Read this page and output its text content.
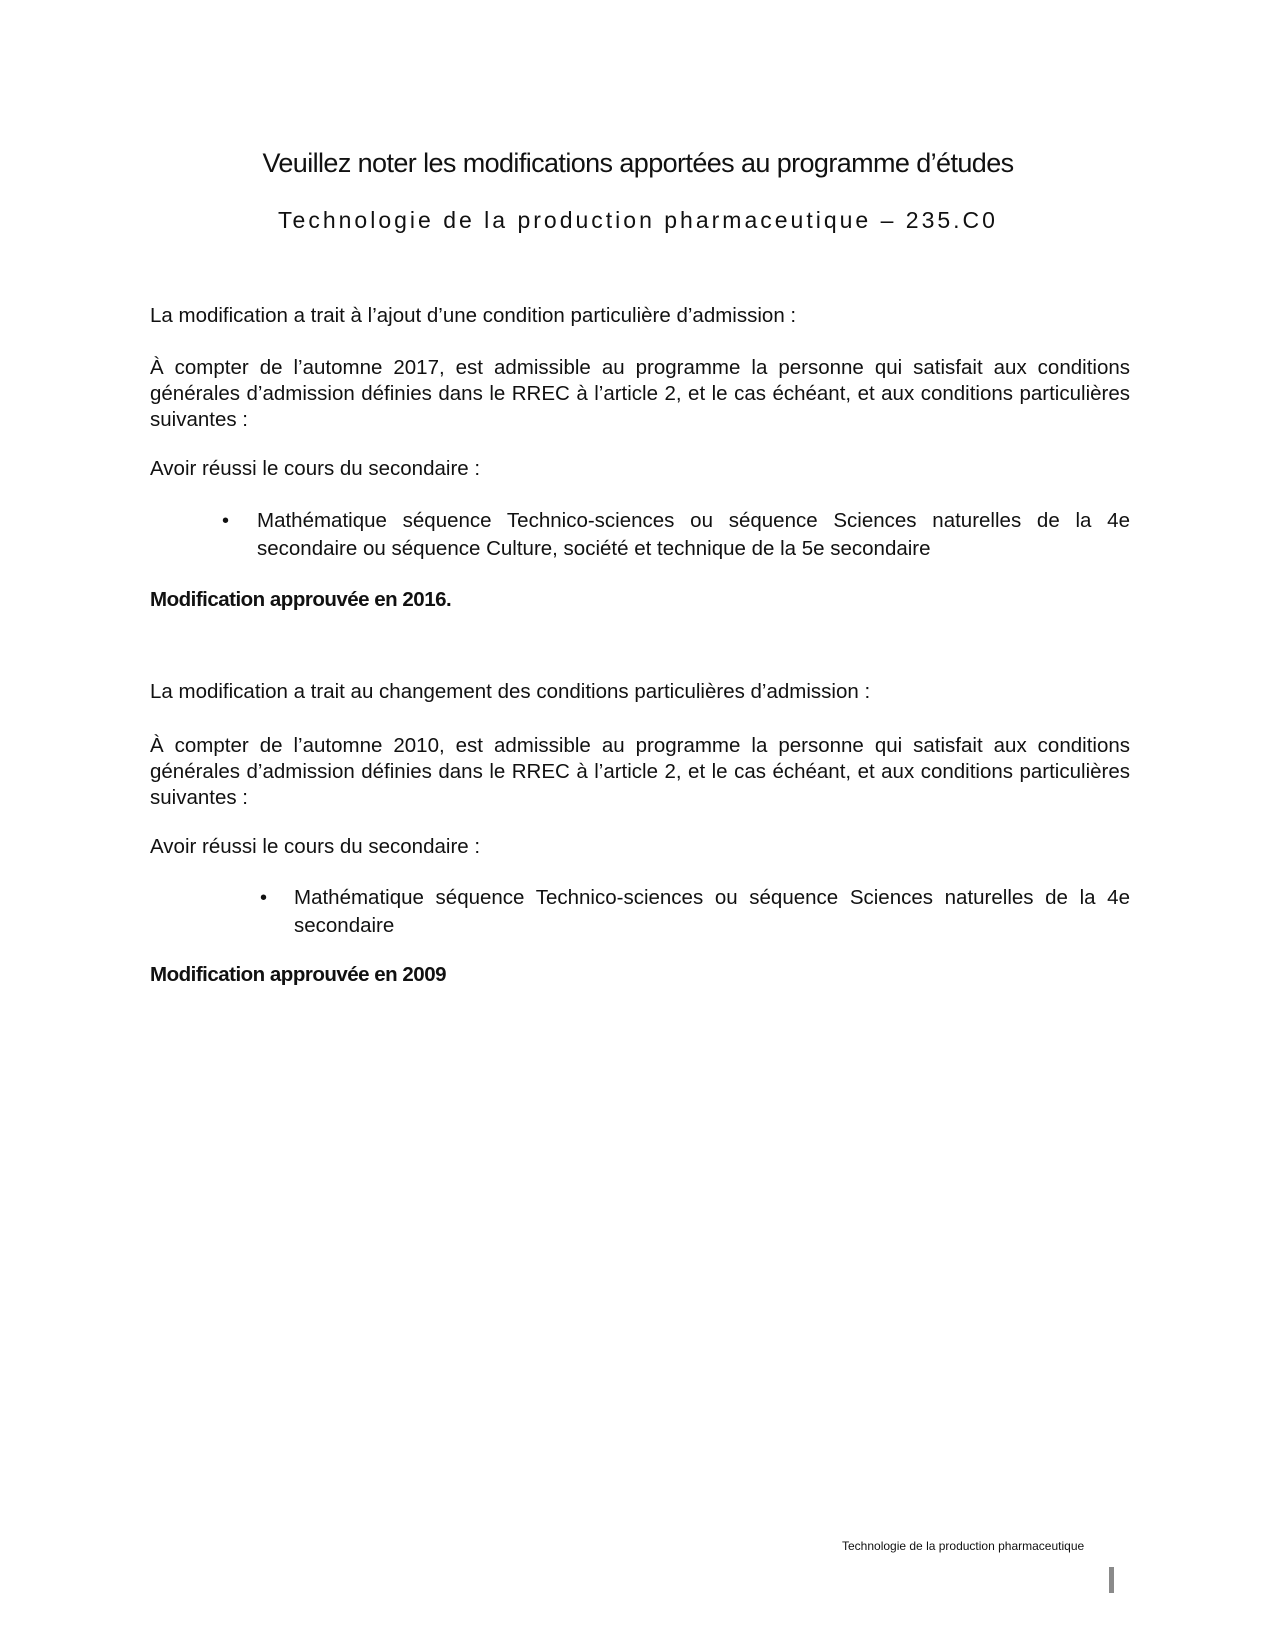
Veuillez noter les modifications apportées au programme d’études
Technologie de la production pharmaceutique – 235.C0
La modification a trait à l’ajout d’une condition particulière d’admission :
À compter de l’automne 2017, est admissible au programme la personne qui satisfait aux conditions générales d’admission définies dans le RREC à l’article 2, et le cas échéant, et aux conditions particulières suivantes :
Avoir réussi le cours du secondaire :
• Mathématique séquence Technico-sciences ou séquence Sciences naturelles de la 4e secondaire ou séquence Culture, société et technique de la 5e secondaire
Modification approuvée en 2016.
La modification a trait au changement des conditions particulières d’admission :
À compter de l’automne 2010, est admissible au programme la personne qui satisfait aux conditions générales d’admission définies dans le RREC à l’article 2, et le cas échéant, et aux conditions particulières suivantes :
Avoir réussi le cours du secondaire :
• Mathématique séquence Technico-sciences ou séquence Sciences naturelles de la 4e secondaire
Modification approuvée en 2009
Technologie de la production pharmaceutique
